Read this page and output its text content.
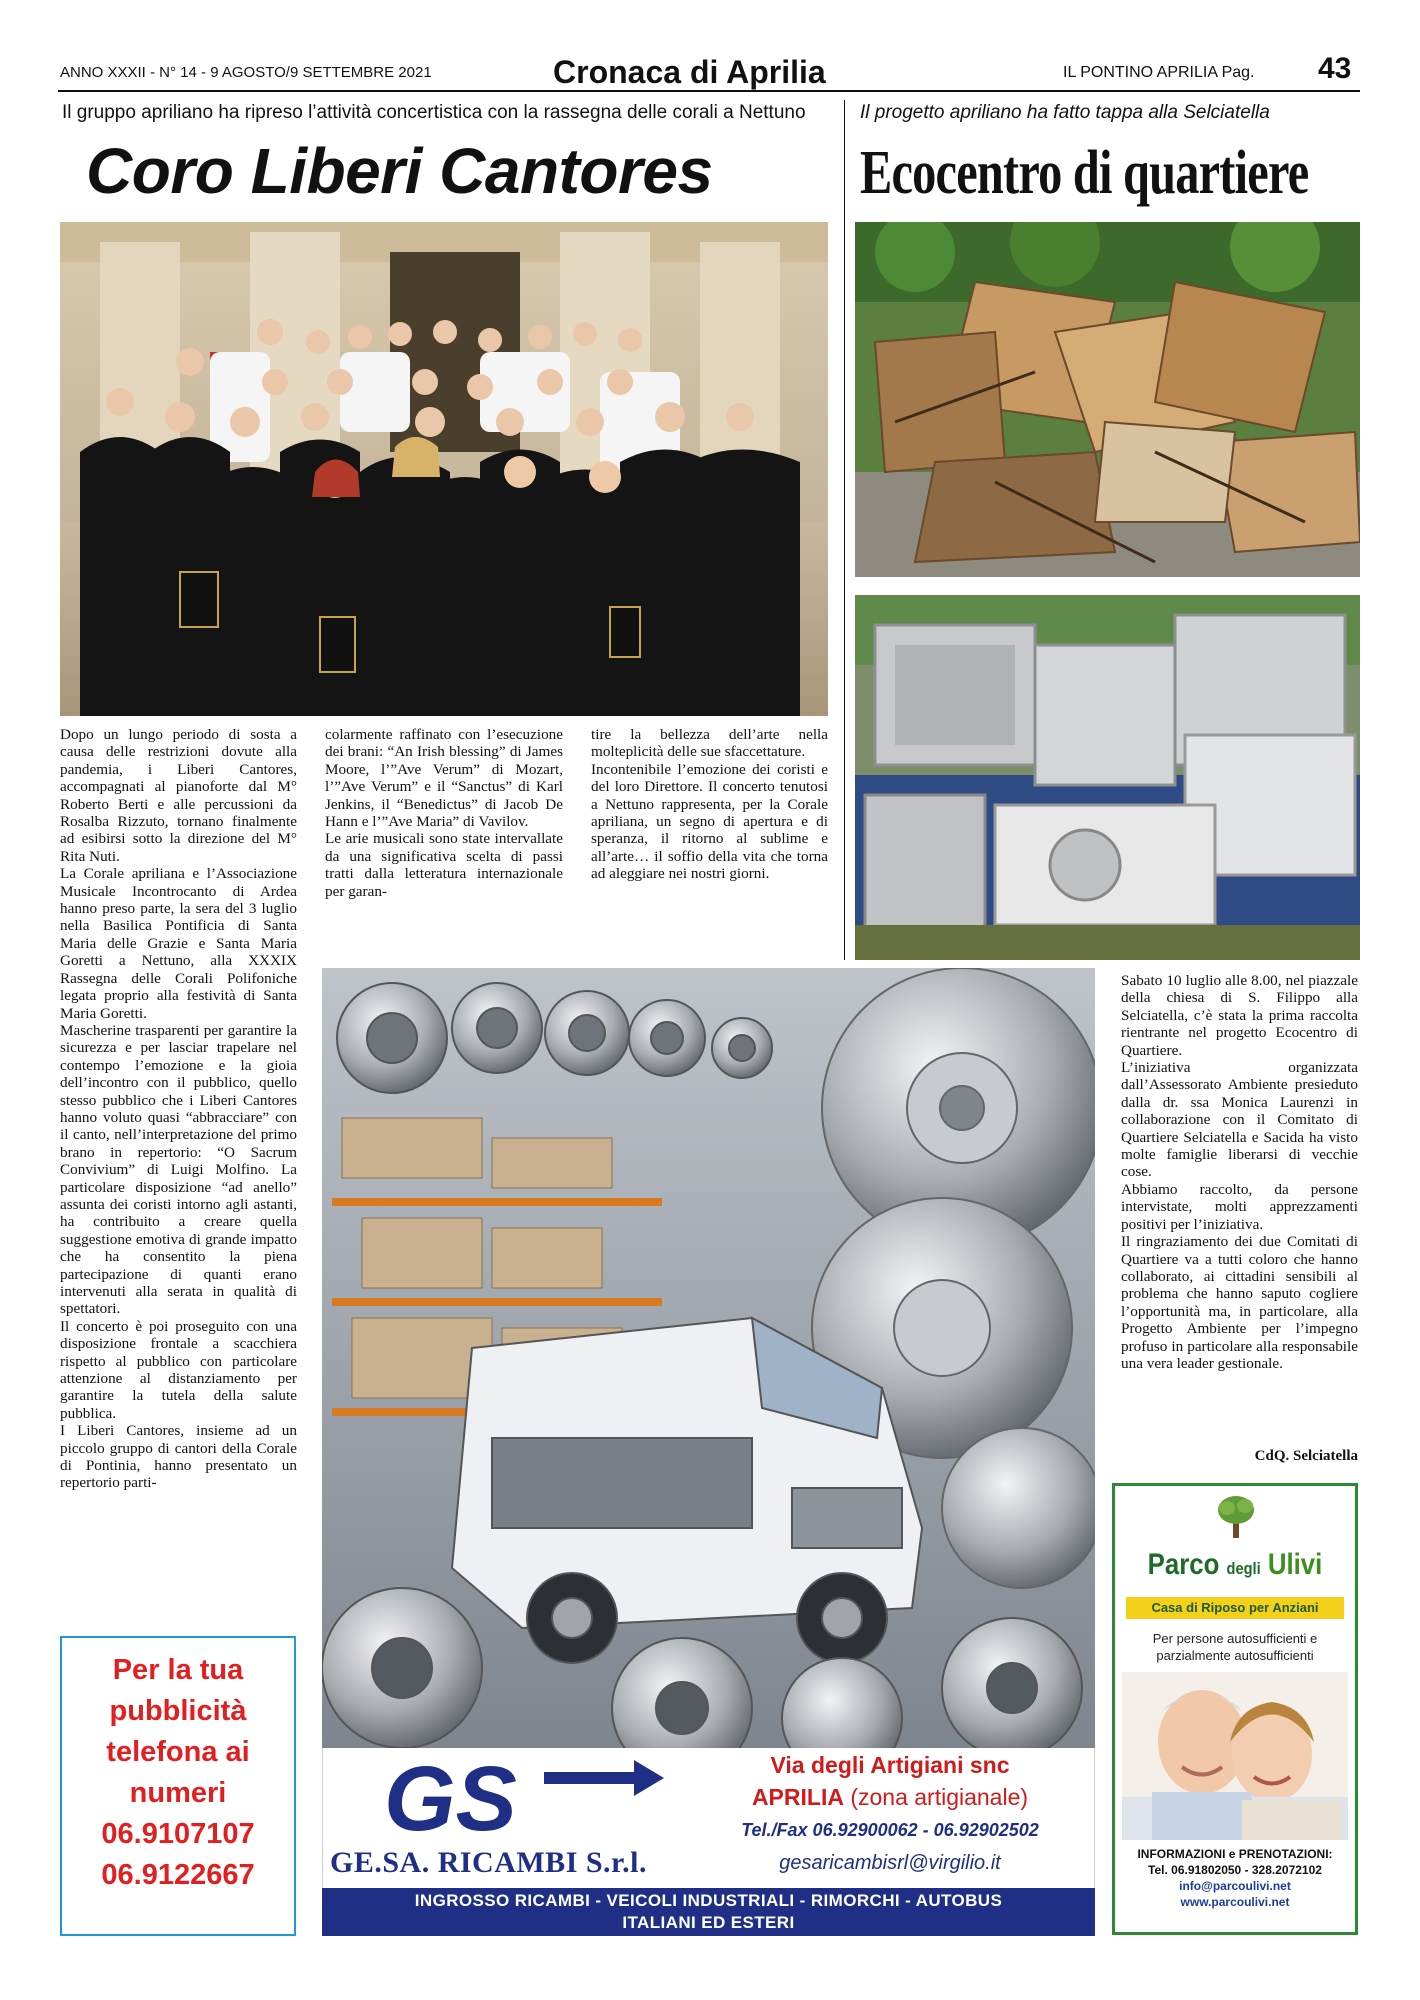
ANNO XXXII - N° 14 - 9 AGOSTO/9 SETTEMBRE 2021	Cronaca di Aprilia	IL PONTINO APRILIA Pag. 43
Il gruppo apriliano ha ripreso l’attività concertistica con la rassegna delle corali a Nettuno
Coro Liberi Cantores
Il progetto apriliano ha fatto tappa alla Selciatella
Ecocentro di quartiere

Dopo un lungo periodo di sosta a causa delle restrizioni dovute alla pandemia, i Liberi Cantores, accompagnati al pianoforte dal M° Roberto Berti e alle percussioni da Rosalba Rizzuto, tornano finalmente ad esibirsi sotto la direzione del M° Rita Nuti.

La Corale apriliana e l’Associazione Musicale Incontrocanto di Ardea hanno preso parte, la sera del 3 luglio nella Basilica Pontificia di Santa Maria delle Grazie e Santa Maria Goretti a Nettuno, alla XXXIX Rassegna delle Corali Polifoniche legata proprio alla festività di Santa Maria Goretti.

Mascherine trasparenti per garantire la sicurezza e per lasciar trapelare nel contempo l’emozione e la gioia dell’incontro con il pubblico, quello stesso pubblico che i Liberi Cantores hanno voluto quasi “abbracciare” con il canto, nell’interpretazione del primo brano in repertorio: “O Sacrum Convivium” di Luigi Molfino. La particolare disposizione “ad anello” assunta dei coristi intorno agli astanti, ha contribuito a creare quella suggestione emotiva di grande impatto che ha consentito la piena partecipazione di quanti erano intervenuti alla serata in qualità di spettatori.

Il concerto è poi proseguito con una disposizione frontale a scacchiera rispetto al pubblico con particolare attenzione al distanziamento per garantire la tutela della salute pubblica.

I Liberi Cantores, insieme ad un piccolo gruppo di cantori della Corale di Pontinia, hanno presentato un repertorio parti-

colarmente raffinato con l’esecuzione dei brani: “An Irish blessing” di James Moore, l’”Ave Verum” di Mozart, l’”Ave Verum” e il “Sanctus” di Karl Jenkins, il “Benedictus” di Jacob De Hann e l’”Ave Maria” di Vavilov.

Le arie musicali sono state intervallate da una significativa scelta di passi tratti dalla letteratura internazionale per garan-

tire la bellezza dell’arte nella molteplicità delle sue sfaccettature.

Incontenibile l’emozione dei coristi e del loro Direttore. Il concerto tenutosi a Nettuno rappresenta, per la Corale apriliana, un segno di apertura e di speranza, il ritorno al sublime e all’arte… il soffio della vita che torna ad aleggiare nei nostri giorni.

Sabato 10 luglio alle 8.00, nel piazzale della chiesa di S. Filippo alla Selciatella, c’è stata la prima raccolta rientrante nel progetto Ecocentro di Quartiere.

L’iniziativa organizzata dall’Assessorato Ambiente presieduto dalla dr. ssa Monica Laurenzi in collaborazione con il Comitato di Quartiere Selciatella e Sacida ha visto molte famiglie liberarsi di vecchie cose.

Abbiamo raccolto, da persone intervistate, molti apprezzamenti positivi per l’iniziativa.

Il ringraziamento dei due Comitati di Quartiere va a tutti coloro che hanno collaborato, ai cittadini sensibili al problema che hanno saputo cogliere l’opportunità ma, in particolare, alla Progetto Ambiente per l’impegno profuso in particolare alla responsabile una vera leader gestionale.

CdQ. Selciatella
GS
GE.SA. RICAMBI S.r.l.
Via degli Artigiani snc
APRILIA (zona artigianale)
Tel./Fax 06.92900062 - 06.92902502
gesaricambisrl@virgilio.it
INGROSSO RICAMBI - VEICOLI INDUSTRIALI - RIMORCHI - AUTOBUS
ITALIANI ED ESTERI
Per la tua
pubblicità
telefona ai
numeri
06.9107107
06.9122667
Parco degli Ulivi
Casa di Riposo per Anziani
Per persone autosufficienti e parzialmente autosufficienti
INFORMAZIONI e PRENOTAZIONI:
Tel. 06.91802050 - 328.2072102
info@parcoulivi.net
www.parcoulivi.net
